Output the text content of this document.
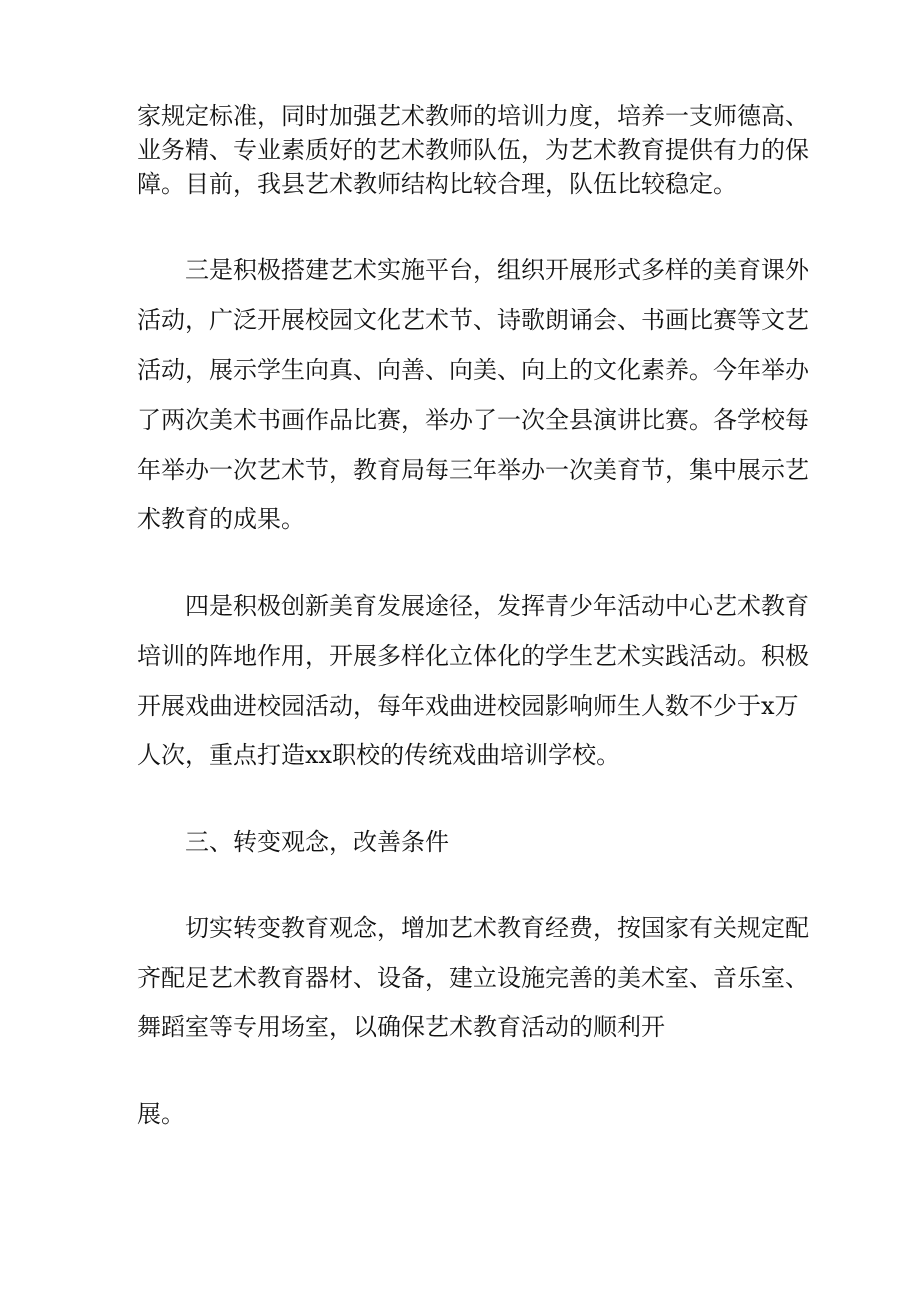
家规定标准，同时加强艺术教师的培训力度，培养一支师德高、
业务精、专业素质好的艺术教师队伍，为艺术教育提供有力的保
障。目前，我县艺术教师结构比较合理，队伍比较稳定。
三是积极搭建艺术实施平台，组织开展形式多样的美育课外
活动，广泛开展校园文化艺术节、诗歌朗诵会、书画比赛等文艺
活动，展示学生向真、向善、向美、向上的文化素养。今年举办
了两次美术书画作品比赛，举办了一次全县演讲比赛。各学校每
年举办一次艺术节，教育局每三年举办一次美育节，集中展示艺
术教育的成果。
四是积极创新美育发展途径，发挥青少年活动中心艺术教育
培训的阵地作用，开展多样化立体化的学生艺术实践活动。积极
开展戏曲进校园活动，每年戏曲进校园影响师生人数不少于x万
人次，重点打造xx职校的传统戏曲培训学校。
三、转变观念，改善条件
切实转变教育观念，增加艺术教育经费，按国家有关规定配
齐配足艺术教育器材、设备，建立设施完善的美术室、音乐室、
舞蹈室等专用场室，以确保艺术教育活动的顺利开
展。
